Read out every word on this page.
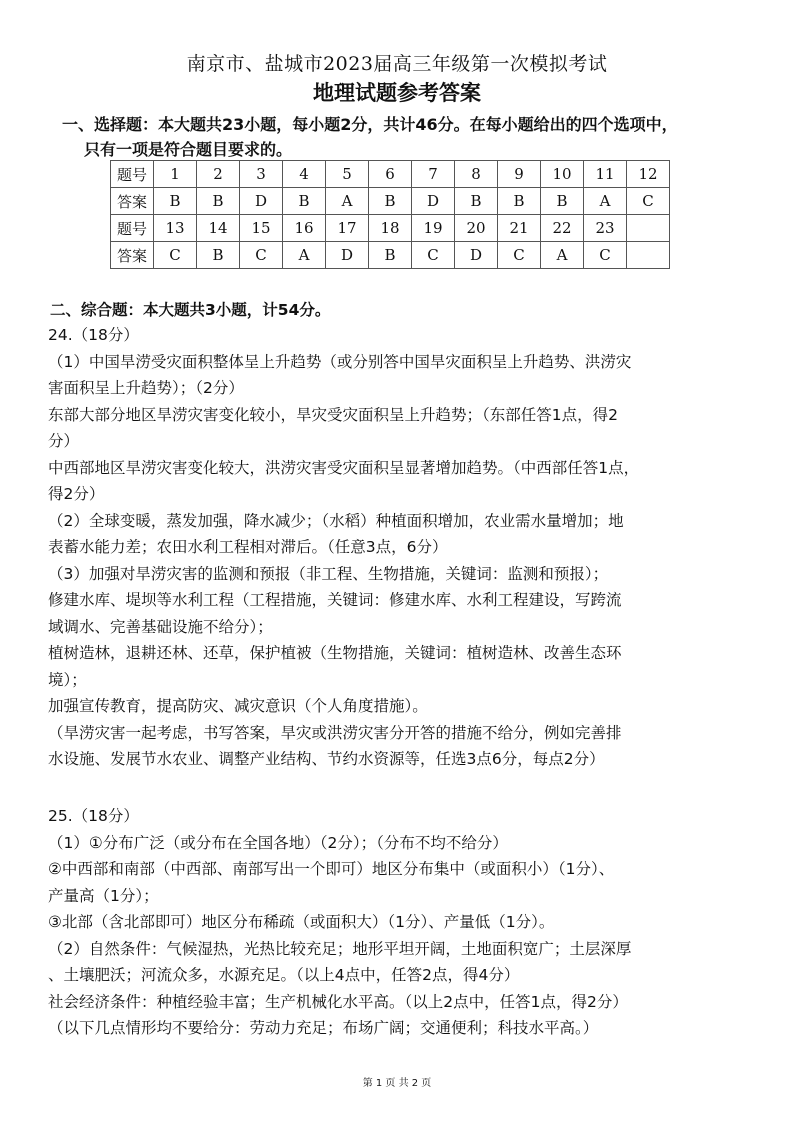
南京市、盐城市2023届高三年级第一次模拟考试
地理试题参考答案
一、选择题：本大题共23小题，每小题2分，共计46分。在每小题给出的四个选项中，
只有一项是符合题目要求的。
题号	1	2	3	4	5	6	7	8	9	10	11	12
答案	B	B	D	B	A	B	D	B	B	B	A	C
题号	13	14	15	16	17	18	19	20	21	22	23	
答案	C	B	C	A	D	B	C	D	C	A	C	
二、综合题：本大题共3小题，计54分。

24.（18分）

（1）中国旱涝受灾面积整体呈上升趋势（或分别答中国旱灾面积呈上升趋势、洪涝灾

害面积呈上升趋势）；（2分）

东部大部分地区旱涝灾害变化较小，旱灾受灾面积呈上升趋势；（东部任答1点，得2

分）

中西部地区旱涝灾害变化较大，洪涝灾害受灾面积呈显著增加趋势。（中西部任答1点，

得2分）

（2）全球变暖，蒸发加强，降水减少；（水稻）种植面积增加，农业需水量增加；地

表蓄水能力差；农田水利工程相对滞后。（任意3点，6分）

（3）加强对旱涝灾害的监测和预报（非工程、生物措施，关键词：监测和预报）；

修建水库、堤坝等水利工程（工程措施，关键词：修建水库、水利工程建设，写跨流

域调水、完善基础设施不给分）；

植树造林，退耕还林、还草，保护植被（生物措施，关键词：植树造林、改善生态环

境）；

加强宣传教育，提高防灾、减灾意识（个人角度措施）。

（旱涝灾害一起考虑，书写答案，旱灾或洪涝灾害分开答的措施不给分，例如完善排

水设施、发展节水农业、调整产业结构、节约水资源等，任选3点6分，每点2分）

25.（18分）

（1）①分布广泛（或分布在全国各地）（2分）；（分布不均不给分）

②中西部和南部（中西部、南部写出一个即可）地区分布集中（或面积小）（1分）、

产量高（1分）；

③北部（含北部即可）地区分布稀疏（或面积大）（1分）、产量低（1分）。

（2）自然条件：气候湿热，光热比较充足；地形平坦开阔，土地面积宽广；土层深厚

、土壤肥沃；河流众多，水源充足。（以上4点中，任答2点，得4分）

社会经济条件：种植经验丰富；生产机械化水平高。（以上2点中，任答1点，得2分）

（以下几点情形均不要给分：劳动力充足；布场广阔；交通便利；科技水平高。）

第 1 页 共 2 页
